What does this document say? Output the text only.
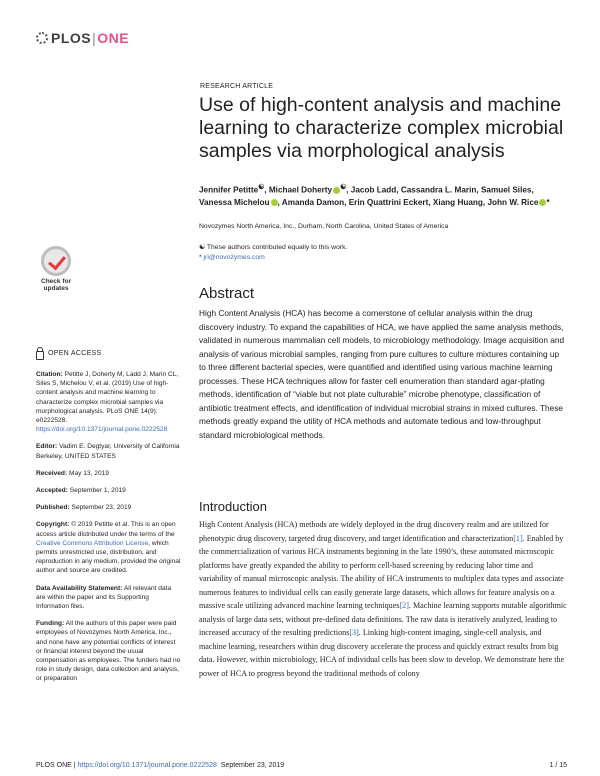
PLOS|ONE
RESEARCH ARTICLE
Use of high-content analysis and machine learning to characterize complex microbial samples via morphological analysis
Jennifer Petitte☯, Michael Doherty ☯, Jacob Ladd, Cassandra L. Marin, Samuel Siles, Vanessa Michelou , Amanda Damon, Erin Quattrini Eckert, Xiang Huang, John W. Rice *
Novozymes North America, Inc., Durham, North Carolina, United States of America
☯ These authors contributed equally to this work.
* jri@novozymes.com
Check for updates	Abstract

High Content Analysis (HCA) has become a cornerstone of cellular analysis within the drug discovery industry. To expand the capabilities of HCA, we have applied the same analysis methods, validated in numerous mammalian cell models, to microbiology methodology. Image acquisition and analysis of various microbial samples, ranging from pure cultures to culture mixtures containing up to three different bacterial species, were quantified and identified using various machine learning processes. These HCA techniques allow for faster cell enumeration than standard agar-plating methods, identification of “viable but not plate culturable” microbe phenotype, classification of antibiotic treatment effects, and identification of individual microbial strains in mixed cultures. These methods greatly expand the utility of HCA methods and automate tedious and low-throughput standard microbiological methods.

Introduction

High Content Analysis (HCA) methods are widely deployed in the drug discovery realm and are utilized for phenotypic drug discovery, targeted drug discovery, and target identification and characterization[1]. Enabled by the commercialization of various HCA instruments beginning in the late 1990’s, these automated microscopic platforms have greatly expanded the ability to perform cell-based screening by reducing labor time and variability of manual microscopic analysis. The ability of HCA instruments to multiplex data types and associate numerous features to individual cells can easily generate large datasets, which allows for feature analysis on a massive scale utilizing advanced machine learning techniques[2]. Machine learning supports mutable algorithmic analysis of large data sets, without pre-defined data definitions. The raw data is iteratively analyzed, leading to increased accuracy of the resulting predictions[3]. Linking high-content imaging, single-cell analysis, and machine learning, researchers within drug discovery accelerate the process and quickly extract results from big data. However, within microbiology, HCA of individual cells has been slow to develop. We demonstrate here the power of HCA to progress beyond the traditional methods of colony

OPEN ACCESS

Citation: Petitte J, Doherty M, Ladd J, Marin CL, Siles S, Michelou V, et al. (2019) Use of high-content analysis and machine learning to characterize complex microbial samples via morphological analysis. PLoS ONE 14(9): e0222528. https://doi.org/10.1371/journal.pone.0222528

Editor: Vadim E. Degtyar, University of California Berkeley, UNITED STATES

Received: May 13, 2019

Accepted: September 1, 2019

Published: September 23, 2019

Copyright: © 2019 Petitte et al. This is an open access article distributed under the terms of the Creative Commons Attribution License, which permits unrestricted use, distribution, and reproduction in any medium, provided the original author and source are credited.

Data Availability Statement: All relevant data are within the paper and its Supporting Information files.

Funding: All the authors of this paper were paid employees of Novozymes North America, Inc., and none have any potential conflicts of interest or financial interest beyond the usual compensation as employees. The funders had no role in study design, data collection and analysis, or preparation

PLOS ONE | https://doi.org/10.1371/journal.pone.0222528 September 23, 2019	1 / 15
